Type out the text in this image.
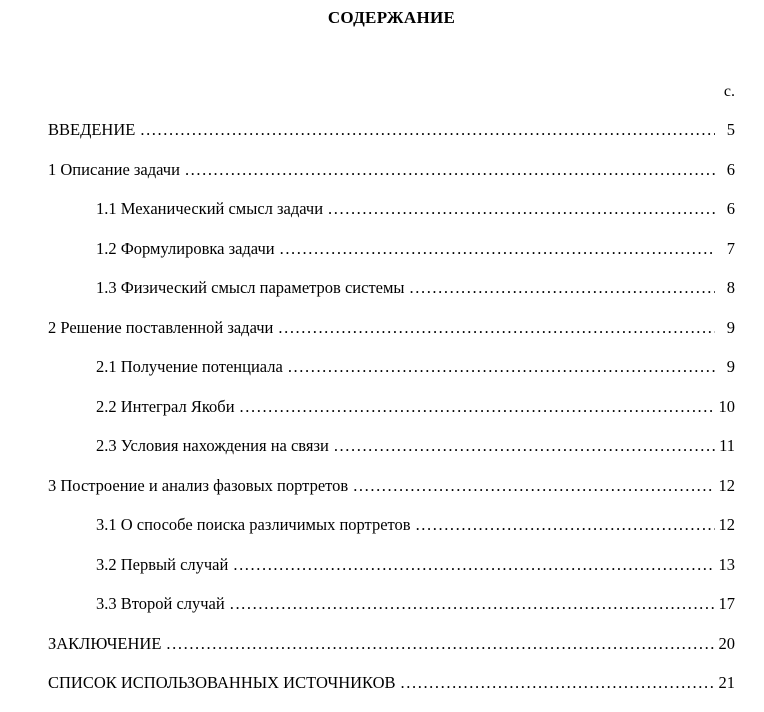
СОДЕРЖАНИЕ
с.
ВВЕДЕНИЕ .....	5
1 Описание задачи .....	6
1.1 Механический смысл задачи .....	6
1.2 Формулировка задачи .....	7
1.3 Физический смысл параметров системы .....	8
2 Решение поставленной задачи .....	9
2.1 Получение потенциала .....	9
2.2 Интеграл Якоби .....	10
2.3 Условия нахождения на связи .....	11
3 Построение и анализ фазовых портретов .....	12
3.1 О способе поиска различимых портретов .....	12
3.2 Первый случай .....	13
3.3 Второй случай .....	17
ЗАКЛЮЧЕНИЕ .....	20
СПИСОК ИСПОЛЬЗОВАННЫХ ИСТОЧНИКОВ .....	21
